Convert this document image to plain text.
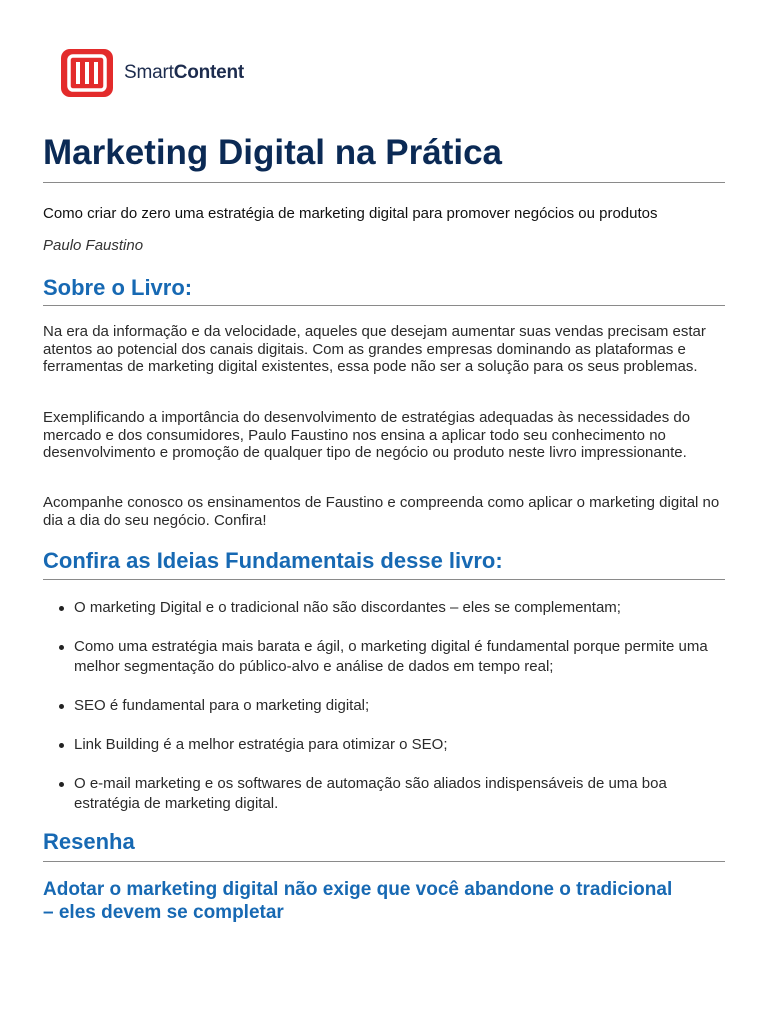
SmartContent
Marketing Digital na Prática

Como criar do zero uma estratégia de marketing digital para promover negócios ou produtos

Paulo Faustino

Sobre o Livro:

Na era da informação e da velocidade, aqueles que desejam aumentar suas vendas precisam estar atentos ao potencial dos canais digitais. Com as grandes empresas dominando as plataformas e ferramentas de marketing digital existentes, essa pode não ser a solução para os seus problemas.

Exemplificando a importância do desenvolvimento de estratégias adequadas às necessidades do mercado e dos consumidores, Paulo Faustino nos ensina a aplicar todo seu conhecimento no desenvolvimento e promoção de qualquer tipo de negócio ou produto neste livro impressionante.

Acompanhe conosco os ensinamentos de Faustino e compreenda como aplicar o marketing digital no dia a dia do seu negócio. Confira!

Confira as Ideias Fundamentais desse livro:
O marketing Digital e o tradicional não são discordantes – eles se complementam;
Como uma estratégia mais barata e ágil, o marketing digital é fundamental porque permite uma melhor segmentação do público-alvo e análise de dados em tempo real;
SEO é fundamental para o marketing digital;
Link Building é a melhor estratégia para otimizar o SEO;
O e-mail marketing e os softwares de automação são aliados indispensáveis de uma boa estratégia de marketing digital.
Resenha
Adotar o marketing digital não exige que você abandone o tradicional – eles devem se completar
